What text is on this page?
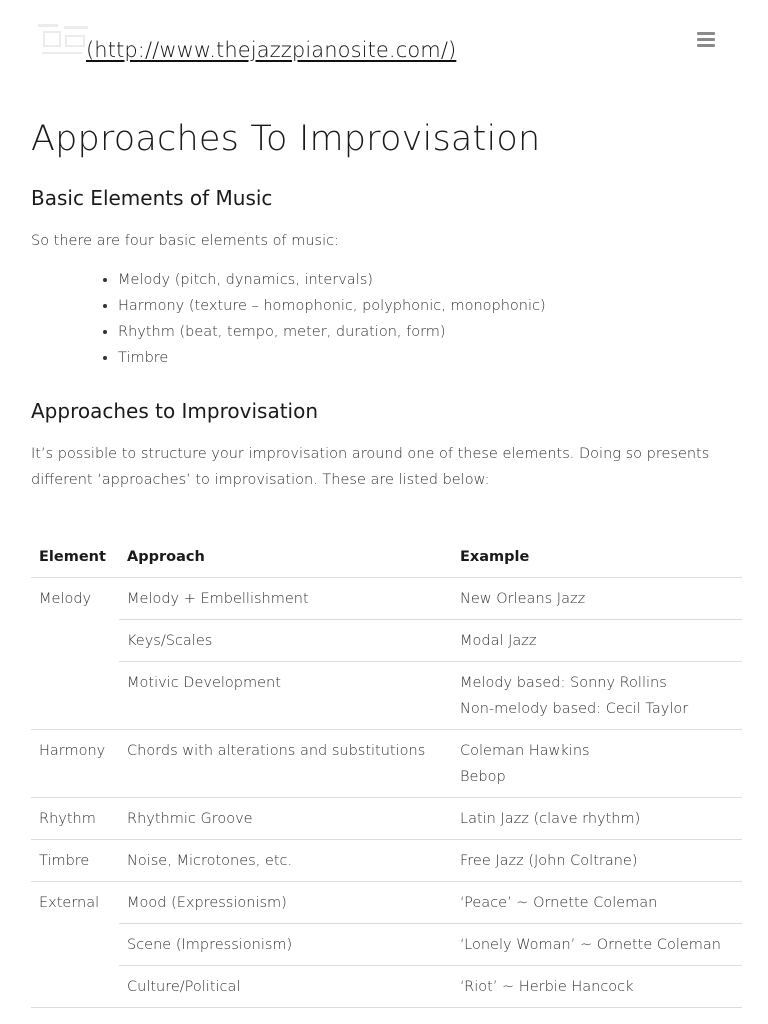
(http://www.thejazzpianosite.com/)
Approaches To Improvisation
Basic Elements of Music

So there are four basic elements of music:

• Melody (pitch, dynamics, intervals)
• Harmony (texture – homophonic, polyphonic, monophonic)
• Rhythm (beat, tempo, meter, duration, form)
• Timbre
Approaches to Improvisation

It’s possible to structure your improvisation around one of these elements. Doing so presents different ‘approaches’ to improvisation. These are listed below:

Element	Approach	Example
Melody	Melody + Embellishment	New Orleans Jazz

	Keys/Scales	Modal Jazz

	Motivic Development	Melody based: Sonny Rollins
Non-melody based: Cecil Taylor

Harmony	Chords with alterations and substitutions	Coleman Hawkins
Bebop

Rhythm	Rhythmic Groove	Latin Jazz (clave rhythm)

Timbre	Noise, Microtones, etc.	Free Jazz (John Coltrane)

External	Mood (Expressionism)	‘Peace’ ~ Ornette Coleman

	Scene (Impressionism)	‘Lonely Woman’ ~ Ornette Coleman

	Culture/Political	‘Riot’ ~ Herbie Hancock
